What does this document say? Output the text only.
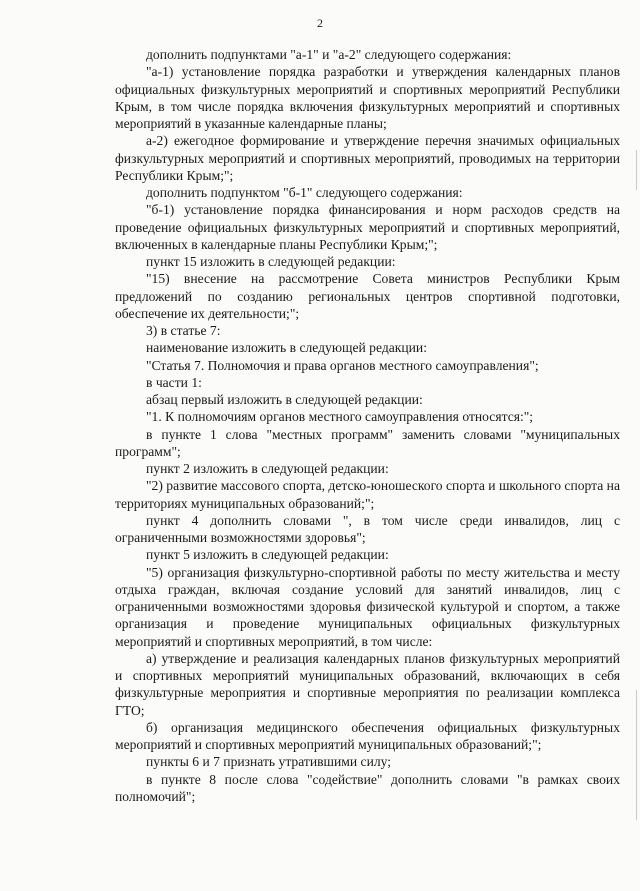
2

дополнить подпунктами "а-1" и "а-2" следующего содержания:

"а-1) установление порядка разработки и утверждения календарных планов официальных физкультурных мероприятий и спортивных мероприятий Республики Крым, в том числе порядка включения физкультурных мероприятий и спортивных мероприятий в указанные календарные планы;

а-2) ежегодное формирование и утверждение перечня значимых официальных физкультурных мероприятий и спортивных мероприятий, проводимых на территории Республики Крым;";

дополнить подпунктом "б-1" следующего содержания:

"б-1) установление порядка финансирования и норм расходов средств на проведение официальных физкультурных мероприятий и спортивных мероприятий, включенных в календарные планы Республики Крым;";

пункт 15 изложить в следующей редакции:

"15) внесение на рассмотрение Совета министров Республики Крым предложений по созданию региональных центров спортивной подготовки, обеспечение их деятельности;";

3) в статье 7:

наименование изложить в следующей редакции:

"Статья 7. Полномочия и права органов местного самоуправления";

в части 1:

абзац первый изложить в следующей редакции:

"1. К полномочиям органов местного самоуправления относятся:";

в пункте 1 слова "местных программ" заменить словами "муниципальных программ";

пункт 2 изложить в следующей редакции:

"2) развитие массового спорта, детско-юношеского спорта и школьного спорта на территориях муниципальных образований;";

пункт 4 дополнить словами ", в том числе среди инвалидов, лиц с ограниченными возможностями здоровья";

пункт 5 изложить в следующей редакции:

"5) организация физкультурно-спортивной работы по месту жительства и месту отдыха граждан, включая создание условий для занятий инвалидов, лиц с ограниченными возможностями здоровья физической культурой и спортом, а также организация и проведение муниципальных официальных физкультурных мероприятий и спортивных мероприятий, в том числе:

а) утверждение и реализация календарных планов физкультурных мероприятий и спортивных мероприятий муниципальных образований, включающих в себя физкультурные мероприятия и спортивные мероприятия по реализации комплекса ГТО;

б) организация медицинского обеспечения официальных физкультурных мероприятий и спортивных мероприятий муниципальных образований;";

пункты 6 и 7 признать утратившими силу;

в пункте 8 после слова "содействие" дополнить словами "в рамках своих полномочий";
